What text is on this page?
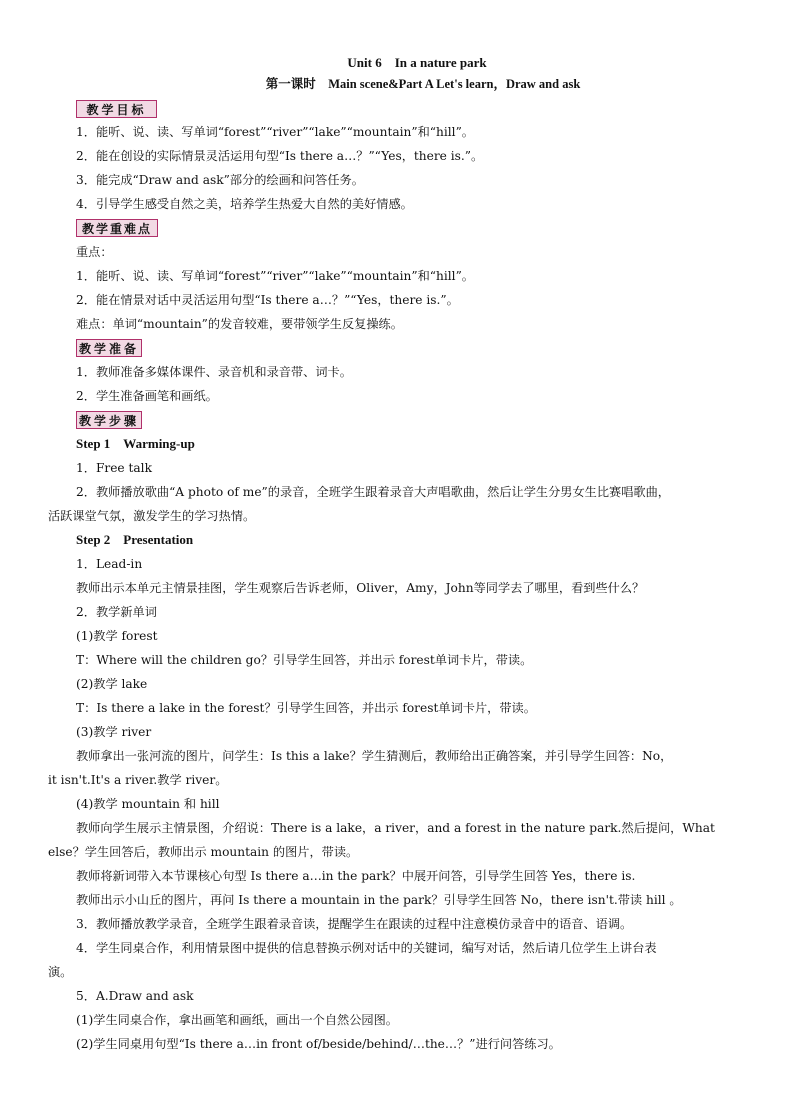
Unit 6　In a nature park
第一课时　Main scene&Part A Let's learn，Draw and ask
教学目标
1．能听、说、读、写单词“forest”“river”“lake”“mountain”和“hill”。
2．能在创设的实际情景灵活运用句型“Is there a…？”“Yes，there is.”。
3．能完成“Draw and ask”部分的绘画和问答任务。
4．引导学生感受自然之美，培养学生热爱大自然的美好情感。
教学重难点
重点：
1．能听、说、读、写单词“forest”“river”“lake”“mountain”和“hill”。
2．能在情景对话中灵活运用句型“Is there a…？”“Yes，there is.”。
难点：单词“mountain”的发音较难，要带领学生反复操练。
教学准备
1．教师准备多媒体课件、录音机和录音带、词卡。
2．学生准备画笔和画纸。
教学步骤
Step 1　Warming-up
1．Free talk
2．教师播放歌曲“A photo of me”的录音，全班学生跟着录音大声唱歌曲，然后让学生分男女生比赛唱歌曲，
活跃课堂气氛，激发学生的学习热情。
Step 2　Presentation
1．Lead-in
教师出示本单元主情景挂图，学生观察后告诉老师，Oliver，Amy，John等同学去了哪里，看到些什么？
2．教学新单词
(1)教学 forest
T：Where will the children go？引导学生回答，并出示 forest单词卡片，带读。
(2)教学 lake
T：Is there a lake in the forest？引导学生回答，并出示 forest单词卡片，带读。
(3)教学 river
教师拿出一张河流的图片，问学生：Is this a lake？学生猜测后，教师给出正确答案，并引导学生回答：No，
it isn't.It's a river.教学 river。
(4)教学 mountain 和 hill
教师向学生展示主情景图，介绍说：There is a lake，a river，and a forest in the nature park.然后提问，What
else？学生回答后，教师出示 mountain 的图片，带读。
教师将新词带入本节课核心句型 Is there a…in the park？中展开问答，引导学生回答 Yes，there is.
教师出示小山丘的图片，再问 Is there a mountain in the park？引导学生回答 No，there isn't.带读 hill 。
3．教师播放教学录音，全班学生跟着录音读，提醒学生在跟读的过程中注意模仿录音中的语音、语调。
4．学生同桌合作，利用情景图中提供的信息替换示例对话中的关键词，编写对话，然后请几位学生上讲台表
演。
5．A.Draw and ask
(1)学生同桌合作，拿出画笔和画纸，画出一个自然公园图。
(2)学生同桌用句型“Is there a…in front of/beside/behind/…the…？”进行问答练习。
